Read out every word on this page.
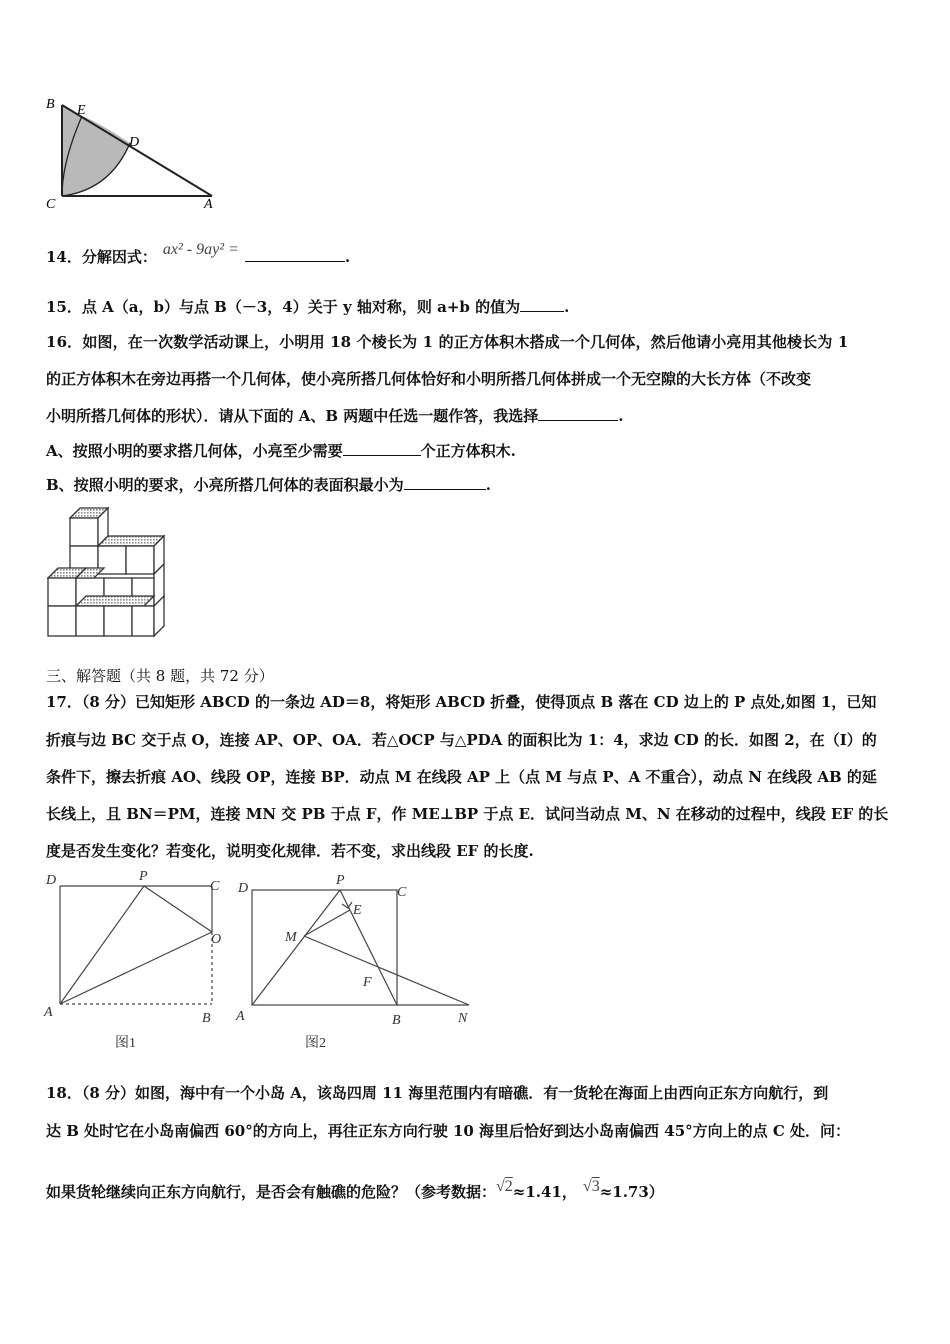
B E
D
C	A
14．分解因式： ax² - 9ay² =	.
15．点 A（a，b）与点 B（－3，4）关于 y 轴对称，则 a+b 的值为	.
16．如图，在一次数学活动课上，小明用 18 个棱长为 1 的正方体积木搭成一个几何体，然后他请小亮用其他棱长为 1
的正方体积木在旁边再搭一个几何体，使小亮所搭几何体恰好和小明所搭几何体拼成一个无空隙的大长方体（不改变
小明所搭几何体的形状）．请从下面的 A、B 两题中任选一题作答，我选择	.
A、按照小明的要求搭几何体，小亮至少需要	个正方体积木.
B、按照小明的要求，小亮所搭几何体的表面积最小为	.
三、解答题（共 8 题，共 72 分）
17．（8 分）已知矩形 ABCD 的一条边 AD＝8，将矩形 ABCD 折叠，使得顶点 B 落在 CD 边上的 P 点处,如图 1，已知
折痕与边 BC 交于点 O，连接 AP、OP、OA．若△OCP 与△PDA 的面积比为 1：4，求边 CD 的长．如图 2，在（Ⅰ）的
条件下，擦去折痕 AO、线段 OP，连接 BP．动点 M 在线段 AP 上（点 M 与点 P、A 不重合），动点 N 在线段 AB 的延
长线上，且 BN＝PM，连接 MN 交 PB 于点 F，作 ME⊥BP 于点 E．试问当动点 M、N 在移动的过程中，线段 EF 的长
度是否发生变化？若变化，说明变化规律．若不变，求出线段 EF 的长度.
D	P
C
O
A	B
图1
D
P
C
E
M
F
A	B	N
图2
18．（8 分）如图，海中有一个小岛 A，该岛四周 11 海里范围内有暗礁．有一货轮在海面上由西向正东方向航行，到
达 B 处时它在小岛南偏西 60°的方向上，再往正东方向行驶 10 海里后恰好到达小岛南偏西 45°方向上的点 C 处．问：
如果货轮继续向正东方向航行，是否会有触礁的危险？（参考数据：√2≈1.41， √3≈1.73）
